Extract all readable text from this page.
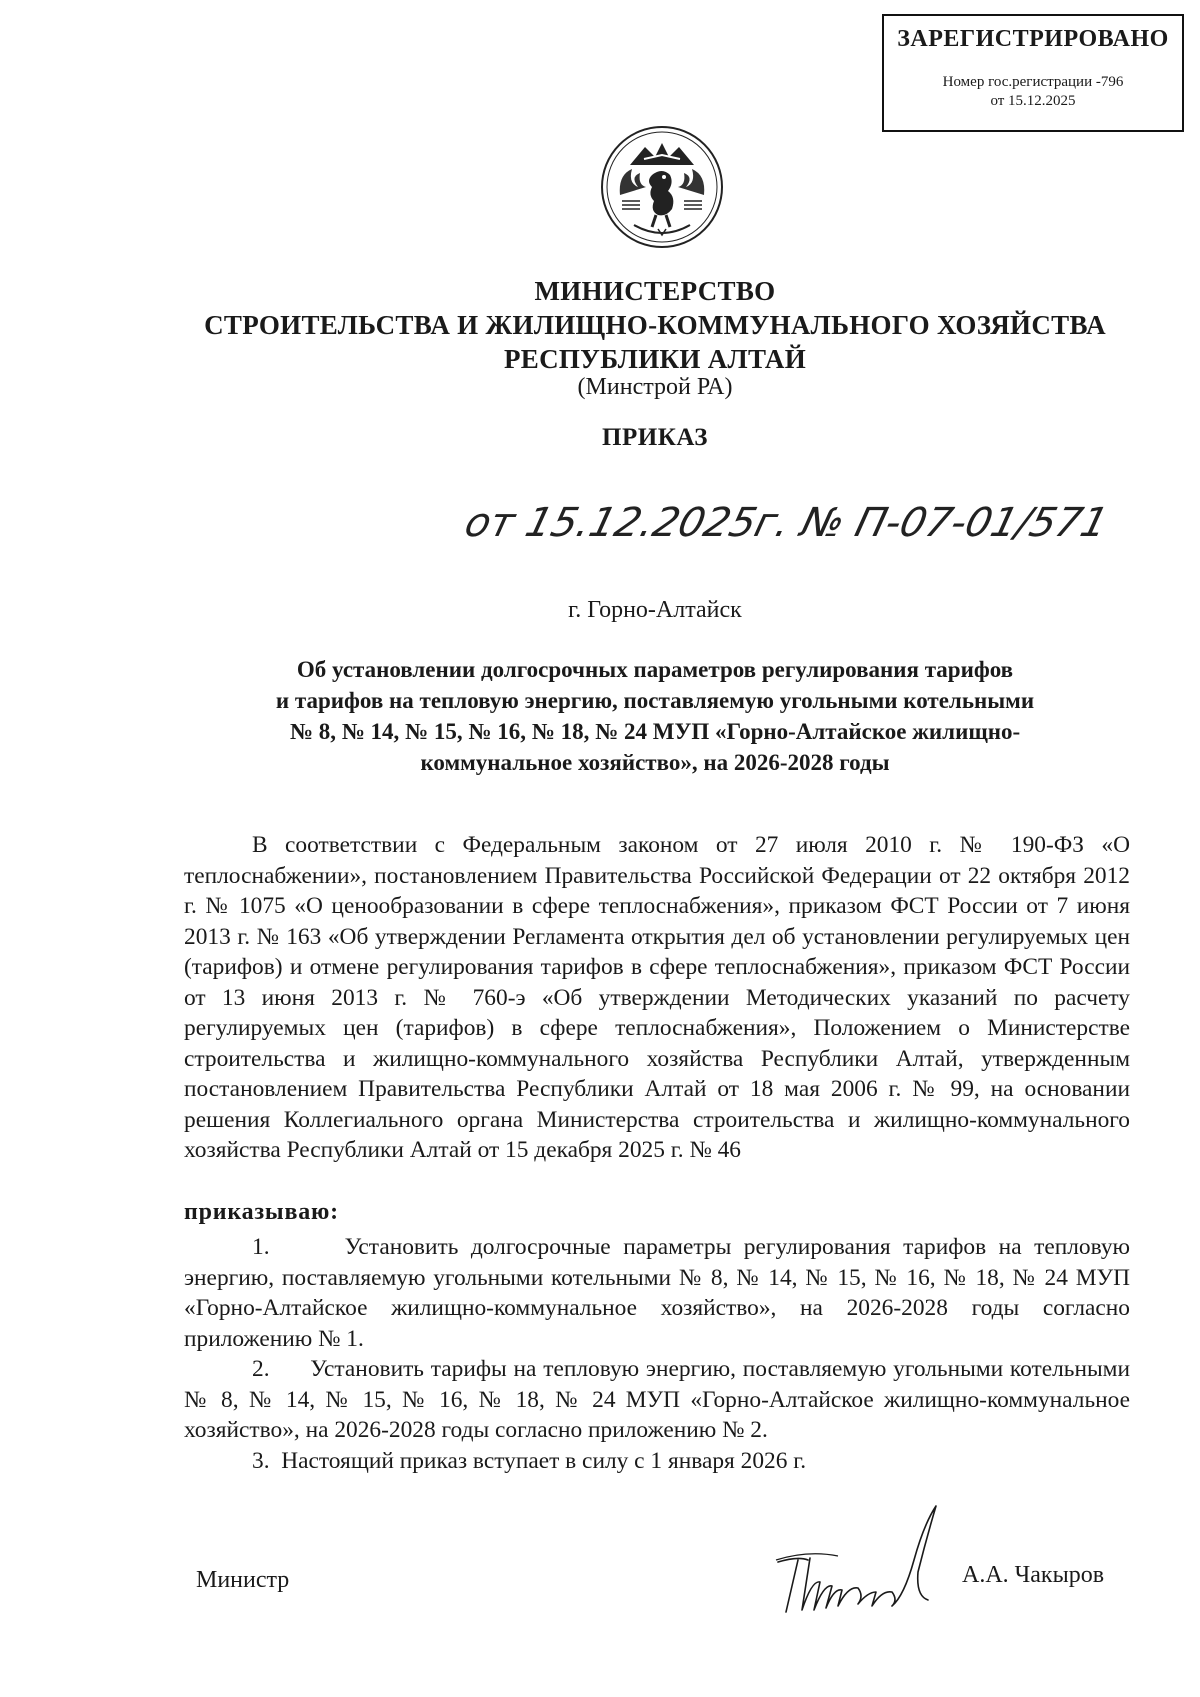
ЗАРЕГИСТРИРОВАНО
Номер гос.регистрации -796
от 15.12.2025
МИНИСТЕРСТВО
СТРОИТЕЛЬСТВА И ЖИЛИЩНО-КОММУНАЛЬНОГО ХОЗЯЙСТВА
РЕСПУБЛИКИ АЛТАЙ
(Минстрой РА)
ПРИКАЗ
от 15.12.2025г. № П-07-01/571
г. Горно-Алтайск
Об установлении долгосрочных параметров регулирования тарифов
и тарифов на тепловую энергию, поставляемую угольными котельными
№ 8, № 14, № 15, № 16, № 18, № 24 МУП «Горно-Алтайское жилищно-
коммунальное хозяйство», на 2026-2028 годы

В соответствии с Федеральным законом от 27 июля 2010 г. № 190-ФЗ «О теплоснабжении», постановлением Правительства Российской Федерации от 22 октября 2012 г. № 1075 «О ценообразовании в сфере теплоснабжения», приказом ФСТ России от 7 июня 2013 г. № 163 «Об утверждении Регламента открытия дел об установлении регулируемых цен (тарифов) и отмене регулирования тарифов в сфере теплоснабжения», приказом ФСТ России от 13 июня 2013 г. № 760-э «Об утверждении Методических указаний по расчету регулируемых цен (тарифов) в сфере теплоснабжения», Положением о Министерстве строительства и жилищно-коммунального хозяйства Республики Алтай, утвержденным постановлением Правительства Республики Алтай от 18 мая 2006 г. № 99, на основании решения Коллегиального органа Министерства строительства и жилищно-коммунального хозяйства Республики Алтай от 15 декабря 2025 г. № 46

приказываю:

1.      Установить долгосрочные параметры регулирования тарифов на тепловую энергию, поставляемую угольными котельными № 8, № 14, № 15, № 16, № 18, № 24 МУП «Горно-Алтайское жилищно-коммунальное хозяйство», на 2026-2028 годы согласно приложению № 1.

2.      Установить тарифы на тепловую энергию, поставляемую угольными котельными № 8, № 14, № 15, № 16, № 18, № 24 МУП «Горно-Алтайское жилищно-коммунальное хозяйство», на 2026-2028 годы согласно приложению № 2.

3.  Настоящий приказ вступает в силу с 1 января 2026 г.

Министр	А.А. Чакыров
